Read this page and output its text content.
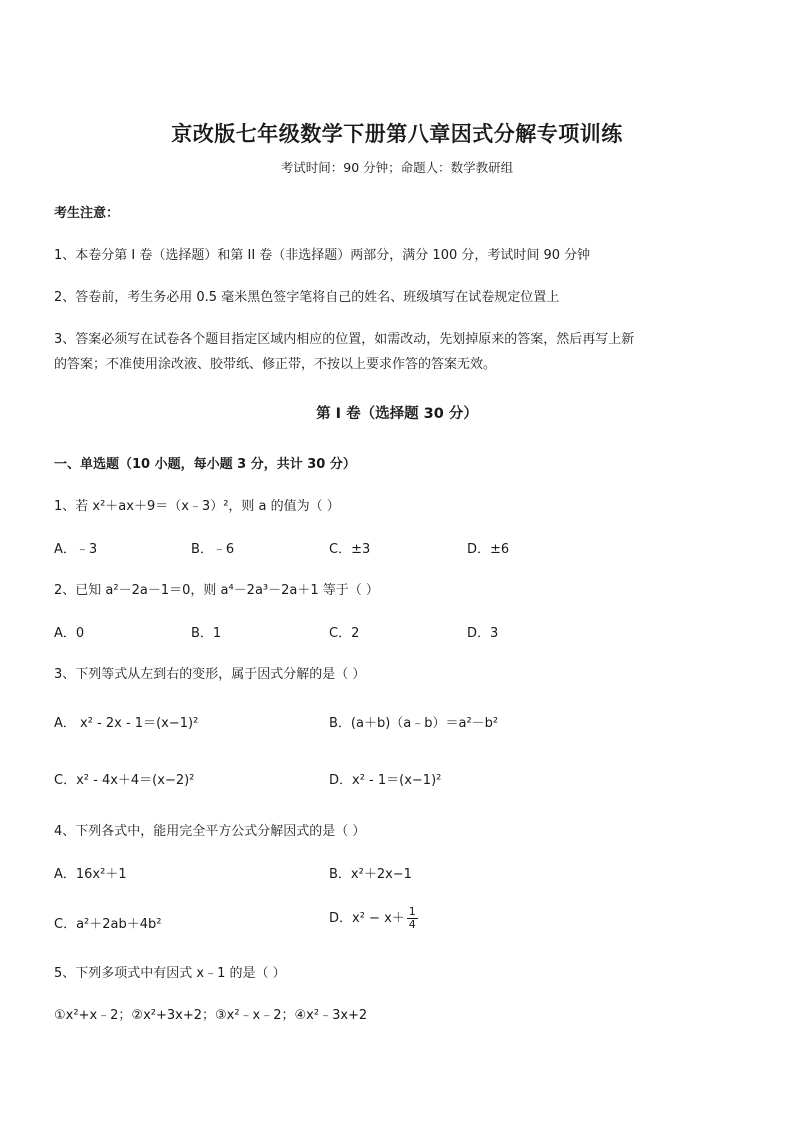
京改版七年级数学下册第八章因式分解专项训练
考试时间：90 分钟；命题人：数学教研组
考生注意：
1、本卷分第 I 卷（选择题）和第 II 卷（非选择题）两部分，满分 100 分，考试时间 90 分钟
2、答卷前，考生务必用 0.5 毫米黑色签字笔将自己的姓名、班级填写在试卷规定位置上
3、答案必须写在试卷各个题目指定区域内相应的位置，如需改动，先划掉原来的答案，然后再写上新
的答案；不准使用涂改液、胶带纸、修正带，不按以上要求作答的答案无效。
第 I 卷（选择题 30 分）
一、单选题（10 小题，每小题 3 分，共计 30 分）
1、若 x²＋ax＋9＝（x﹣3）²，则 a 的值为（ ）
A．﹣3	B．﹣6	C．±3	D．±6
2、已知 a²－2a－1＝0，则 a⁴－2a³－2a＋1 等于（ ）
A．0	B．1	C．2	D．3
3、下列等式从左到右的变形，属于因式分解的是（ ）
A． x² - 2x - 1＝(x−1)²	B．(a＋b)（a﹣b）＝a²－b²
C．x² - 4x＋4＝(x−2)²	D．x² - 1＝(x−1)²
4、下列各式中，能用完全平方公式分解因式的是（ ）
A．16x²＋1	B．x²＋2x−1
C．a²＋2ab＋4b²	D．$x^2 - x+ \frac{1}{4}$
5、下列多项式中有因式 x﹣1 的是（ ）
①x²+x﹣2；②x²+3x+2；③x²﹣x﹣2；④x²﹣3x+2
